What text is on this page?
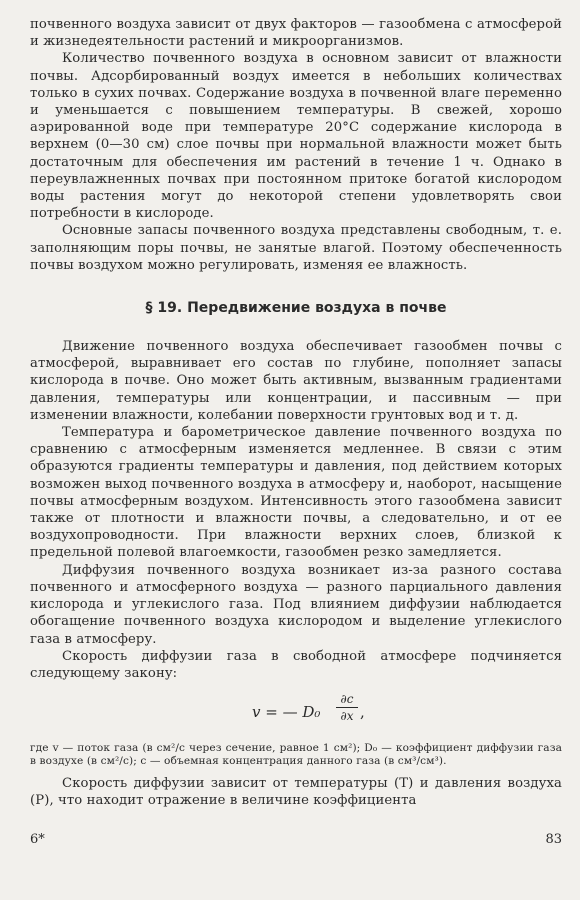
почвенного воздуха зависит от двух факторов — газообмена с атмосферой и жизнедеятельности растений и микроорганизмов.

Количество почвенного воздуха в основном зависит от влажности почвы. Адсорбированный воздух имеется в небольших количествах только в сухих почвах. Содержание воздуха в почвенной влаге переменно и уменьшается с повышением температуры. В свежей, хорошо аэрированной воде при температуре 20°С содержание кислорода в верхнем (0—30 см) слое почвы при нормальной влажности может быть достаточным для обеспечения им растений в течение 1 ч. Однако в переувлажненных почвах при постоянном притоке богатой кислородом воды растения могут до некоторой степени удовлетворять свои потребности в кислороде.

Основные запасы почвенного воздуха представлены свободным, т. е. заполняющим поры почвы, не занятые влагой. Поэтому обеспеченность почвы воздухом можно регулировать, изменяя ее влажность.

§ 19. Передвижение воздуха в почве

Движение почвенного воздуха обеспечивает газообмен почвы с атмосферой, выравнивает его состав по глубине, пополняет запасы кислорода в почве. Оно может быть активным, вызванным градиентами давления, температуры или концентрации, и пассивным — при изменении влажности, колебании поверхности грунтовых вод и т. д.

Температура и барометрическое давление почвенного воздуха по сравнению с атмосферным изменяется медленнее. В связи с этим образуются градиенты температуры и давления, под действием которых возможен выход почвенного воздуха в атмосферу и, наоборот, насыщение почвы атмосферным воздухом. Интенсивность этого газообмена зависит также от плотности и влажности почвы, а следовательно, и от ее воздухопроводности. При влажности верхних слоев, близкой к предельной полевой влагоемкости, газообмен резко замедляется.

Диффузия почвенного воздуха возникает из-за разного состава почвенного и атмосферного воздуха — разного парциального давления кислорода и углекислого газа. Под влиянием диффузии наблюдается обогащение почвенного воздуха кислородом и выделение углекислого газа в атмосферу.

Скорость диффузии газа в свободной атмосфере подчиняется следующему закону:

v = — $D_0 \frac{\partial c}{\partial x}$ ,

где v — поток газа (в см²/с через сечение, равное 1 см²); D₀ — коэффициент диффузии газа в воздухе (в см²/с); c — объемная концентрация данного газа (в см³/см³).

Скорость диффузии зависит от температуры (T) и давления воздуха (P), что находит отражение в величине коэффициента

6*	83
